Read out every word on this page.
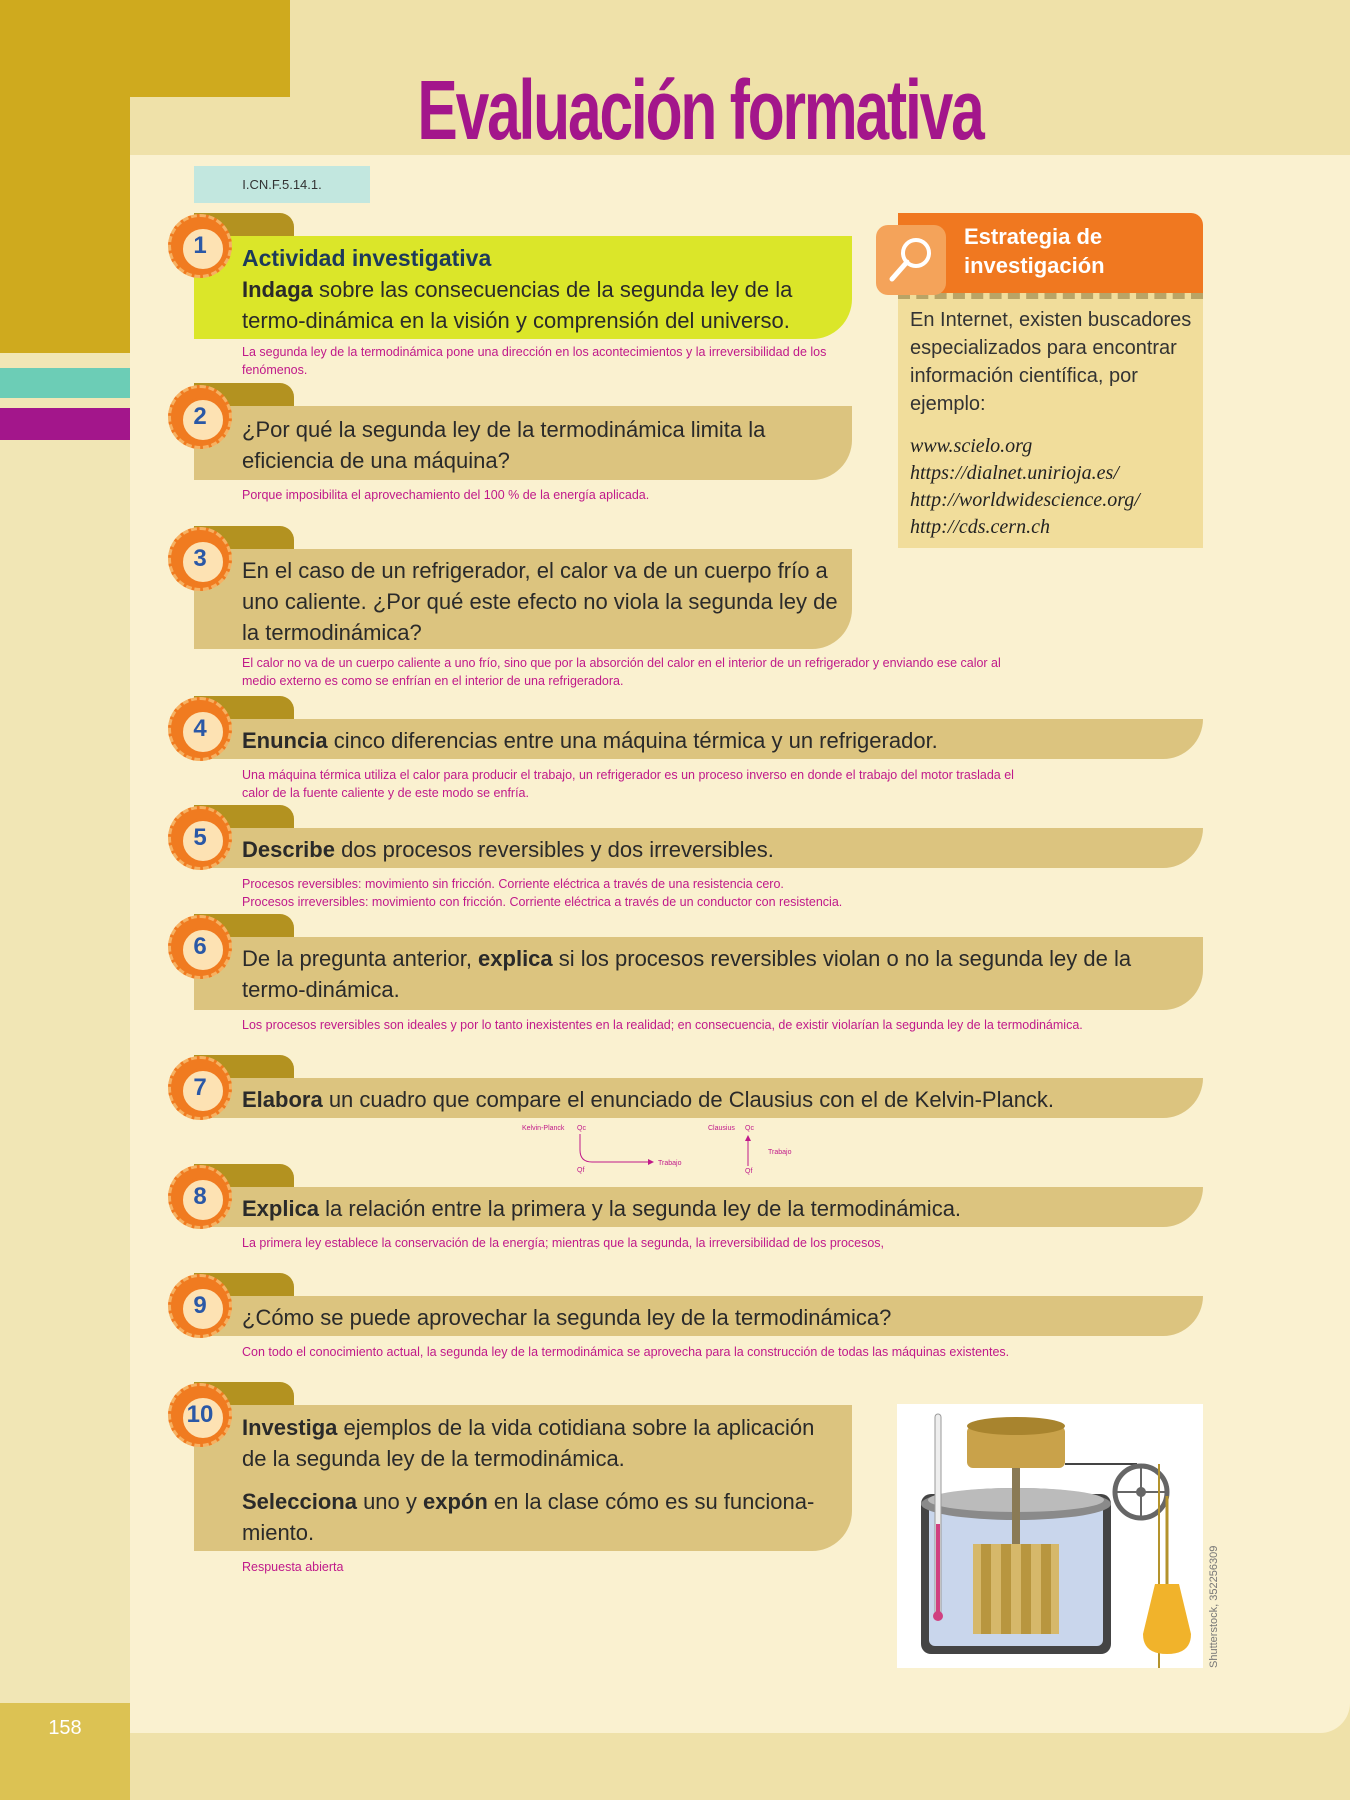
158
Evaluación formativa
I.CN.F.5.14.1.
Estrategia de
investigación
En Internet, existen buscadores especializados para encontrar información científica, por ejemplo:
www.scielo.org
https://dialnet.unirioja.es/
http://worldwidescience.org/
http://cds.cern.ch
1	Actividad investigativa
Indaga sobre las consecuencias de la segunda ley de la termo-dinámica en la visión y comprensión del universo.
La segunda ley de la termodinámica pone una dirección en los acontecimientos y la irreversibilidad de los fenómenos.
2	¿Por qué la segunda ley de la termodinámica limita la eficiencia de una máquina?
Porque imposibilita el aprovechamiento del 100 % de la energía aplicada.
3	En el caso de un refrigerador, el calor va de un cuerpo frío a uno caliente. ¿Por qué este efecto no viola la segunda ley de la termodinámica?
El calor no va de un cuerpo caliente a uno frío, sino que por la absorción del calor en el interior de un refrigerador y enviando ese calor al medio externo es como se enfrían en el interior de una refrigeradora.
4	Enuncia cinco diferencias entre una máquina térmica y un refrigerador.
Una máquina térmica utiliza el calor para producir el trabajo, un refrigerador es un proceso inverso en donde el trabajo del motor traslada el calor de la fuente caliente y de este modo se enfría.
5	Describe dos procesos reversibles y dos irreversibles.
Procesos reversibles: movimiento sin fricción. Corriente eléctrica a través de una resistencia cero.
Procesos irreversibles: movimiento con fricción. Corriente eléctrica a través de un conductor con resistencia.
6	De la pregunta anterior, explica si los procesos reversibles violan o no la segunda ley de la termo-dinámica.
Los procesos reversibles son ideales y por lo tanto inexistentes en la realidad; en consecuencia, de existir violarían la segunda ley de la termodinámica.
7	Elabora un cuadro que compare el enunciado de Clausius con el de Kelvin-Planck.
Kelvin-Planck Qc
Qf
Trabajo
Clausius Qc
Qf
Trabajo
8	Explica la relación entre la primera y la segunda ley de la termodinámica.
La primera ley establece la conservación de la energía; mientras que la segunda, la irreversibilidad de los procesos,
9	¿Cómo se puede aprovechar la segunda ley de la termodinámica?
Con todo el conocimiento actual, la segunda ley de la termodinámica se aprovecha para la construcción de todas las máquinas existentes.
10	Investiga ejemplos de la vida cotidiana sobre la aplicación de la segunda ley de la termodinámica.
Selecciona uno y expón en la clase cómo es su funciona-miento.
Respuesta abierta	Shutterstock, 352256309
